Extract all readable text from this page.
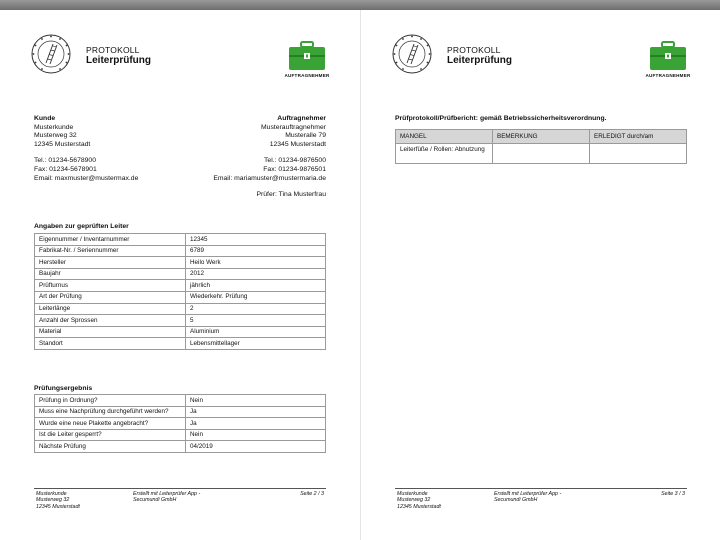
PROTOKOLL
Leiterprüfung
AUFTRAGNEHMER
Kunde
Musterkunde
Musterweg 32
12345 Musterstadt
Tel.: 01234-5678900
Fax: 01234-5678901
Email: maxmuster@mustermax.de
Auftragnehmer
Musterauftragnehmer
Musteralle 79
12345 Musterstadt
Tel.: 01234-9876500
Fax: 01234-9876501
Email: mariamuster@mustermaria.de
Prüfer: Tina Musterfrau
Angaben zur geprüften Leiter
Eigennummer / Inventarnummer	12345
Fabrikat-Nr. / Seriennummer	6789
Hersteller	Heilo Werk
Baujahr	2012
Prüfturnus	jährlich
Art der Prüfung	Wiederkehr. Prüfung
Leiterlänge	2
Anzahl der Sprossen	5
Material	Aluminium
Standort	Lebensmittellager
Prüfungsergebnis
Prüfung in Ordnung?	Nein
Muss eine Nachprüfung durchgeführt werden?	Ja
Wurde eine neue Plakette angebracht?	Ja
Ist die Leiter gesperrt?	Nein
Nächste Prüfung	04/2019
Musterkunde
Musterweg 32
12345 Musterstadt
Erstellt mit Leiterprüfer App -
Secumundi GmbH
Seite 2 / 3
PROTOKOLL
Leiterprüfung
AUFTRAGNEHMER
Prüfprotokoll/Prüfbericht: gemäß Betriebssicherheitsverordnung.
MANGEL	BEMERKUNG	ERLEDIGT durch/am
Leiterfüße / Rollen: Abnutzung		
Musterkunde
Musterweg 32
12345 Musterstadt
Erstellt mit Leiterprüfer App -
Secumundi GmbH
Seite 3 / 3
